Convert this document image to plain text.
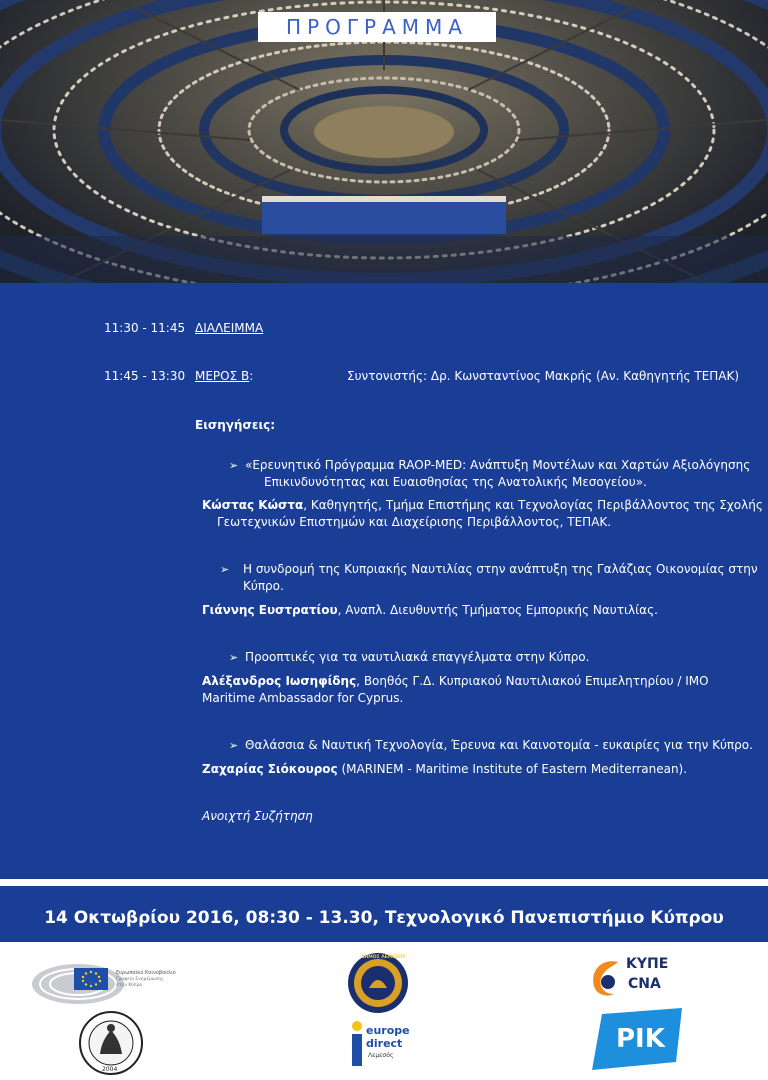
ΠΡΟΓΡΑΜΜΑ
11:30 - 11:45 ΔΙΑΛΕΙΜΜΑ
11:45 - 13:30 ΜΕΡΟΣ Β:	Συντονιστής: Δρ. Κωνσταντίνος Μακρής (Αν. Καθηγητής ΤΕΠΑΚ)
Εισηγήσεις:
➢ «Ερευνητικό Πρόγραμμα RAOP-MED: Ανάπτυξη Μοντέλων και Χαρτών Αξιολόγησης
Επικινδυνότητας και Ευαισθησίας της Ανατολικής Μεσογείου».
Κώστας Κώστα, Καθηγητής, Τμήμα Επιστήμης και Τεχνολογίας Περιβάλλοντος της Σχολής
Γεωτεχνικών Επιστημών και Διαχείρισης Περιβάλλοντος, ΤΕΠΑΚ.
➢ Η συνδρομή της Κυπριακής Ναυτιλίας στην ανάπτυξη της Γαλάζιας Οικονομίας στην
Κύπρο.
Γιάννης Ευστρατίου, Αναπλ. Διευθυντής Τμήματος Εμπορικής Ναυτιλίας.
➢ Προοπτικές για τα ναυτιλιακά επαγγέλματα στην Κύπρο.
Αλέξανδρος Ιωσηφίδης, Βοηθός Γ.Δ. Κυπριακού Ναυτιλιακού Επιμελητηρίου / IMO
Maritime Ambassador for Cyprus.
➢ Θαλάσσια & Ναυτική Τεχνολογία, Έρευνα και Καινοτομία - ευκαιρίες για την Κύπρο.
Ζαχαρίας Σιόκουρος (MARINEM - Maritime Institute of Eastern Mediterranean).
Ανοιχτή Συζήτηση
14 Οκτωβρίου 2016, 08:30 - 13.30, Τεχνολογικό Πανεπιστήμιο Κύπρου
Ευρωπαϊκό Κοινοβούλιο
Γραφείο Ενημέρωσης
στην Κύπρο
2004
ΔΗΜΟΣ ΛΕΜΕΣΟΥ
europe
direct
Λεμεσός
ΚΥΠΕ
CNA
ΡΙΚ
